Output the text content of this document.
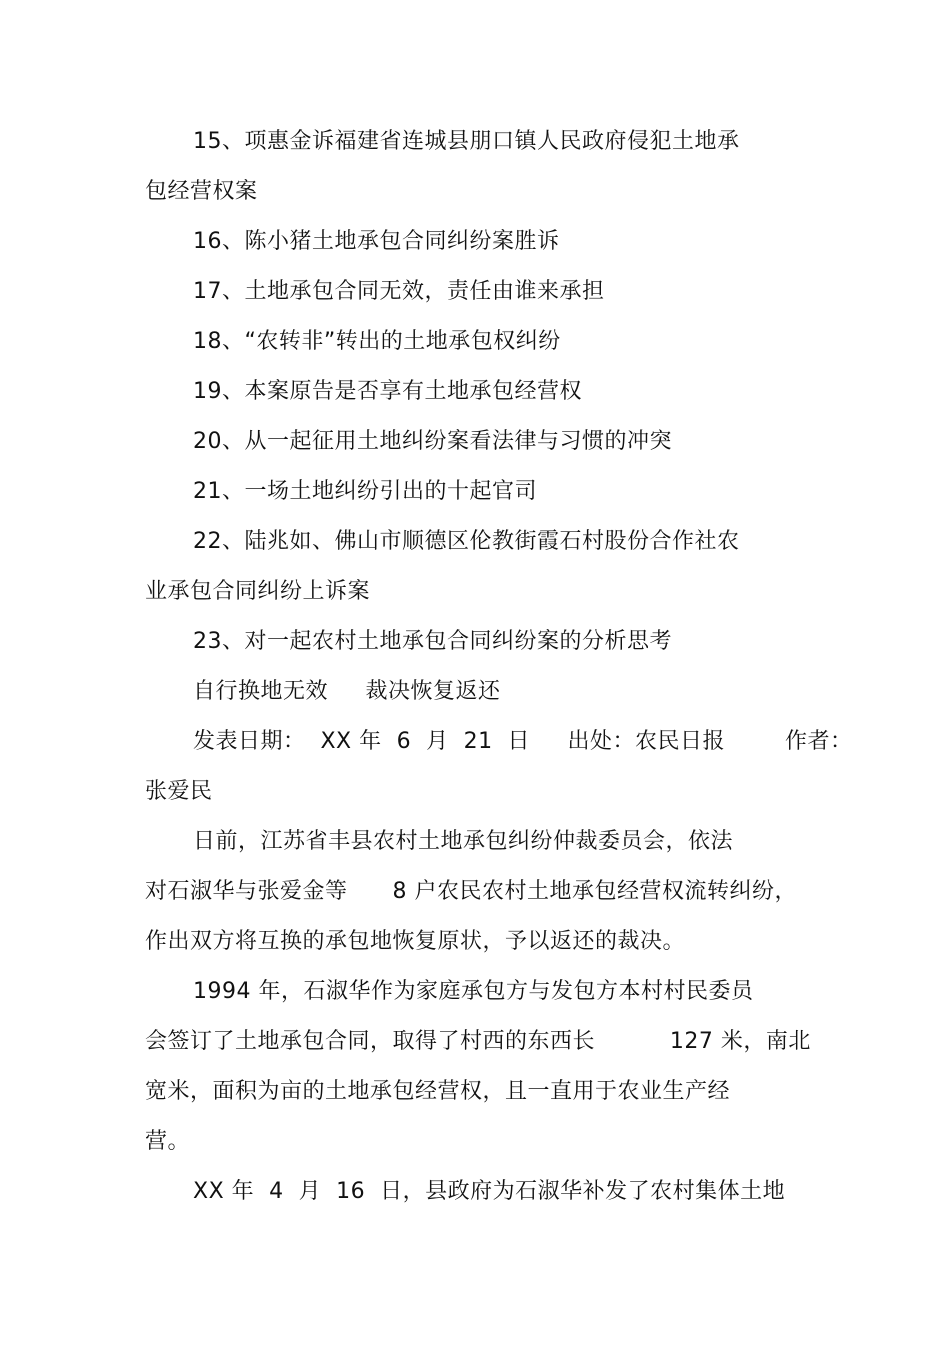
15、项惠金诉福建省连城县朋口镇人民政府侵犯土地承
包经营权案
16、陈小猪土地承包合同纠纷案胜诉
17、土地承包合同无效，责任由谁来承担
18、“农转非”转出的土地承包权纠纷
19、本案原告是否享有土地承包经营权
20、从一起征用土地纠纷案看法律与习惯的冲突
21、一场土地纠纷引出的十起官司
22、陆兆如、佛山市顺德区伦教街霞石村股份合作社农
业承包合同纠纷上诉案
23、对一起农村土地承包合同纠纷案的分析思考
自行换地无效     裁决恢复返还
发表日期：  XX 年  6  月  21  日     出处：农民日报        作者：
张爱民
日前，江苏省丰县农村土地承包纠纷仲裁委员会，依法
对石淑华与张爱金等      8 户农民农村土地承包经营权流转纠纷，
作出双方将互换的承包地恢复原状，予以返还的裁决。
1994 年，石淑华作为家庭承包方与发包方本村村民委员
会签订了土地承包合同，取得了村西的东西长          127 米，南北
宽米，面积为亩的土地承包经营权，且一直用于农业生产经
营。
XX 年  4  月  16  日，县政府为石淑华补发了农村集体土地
